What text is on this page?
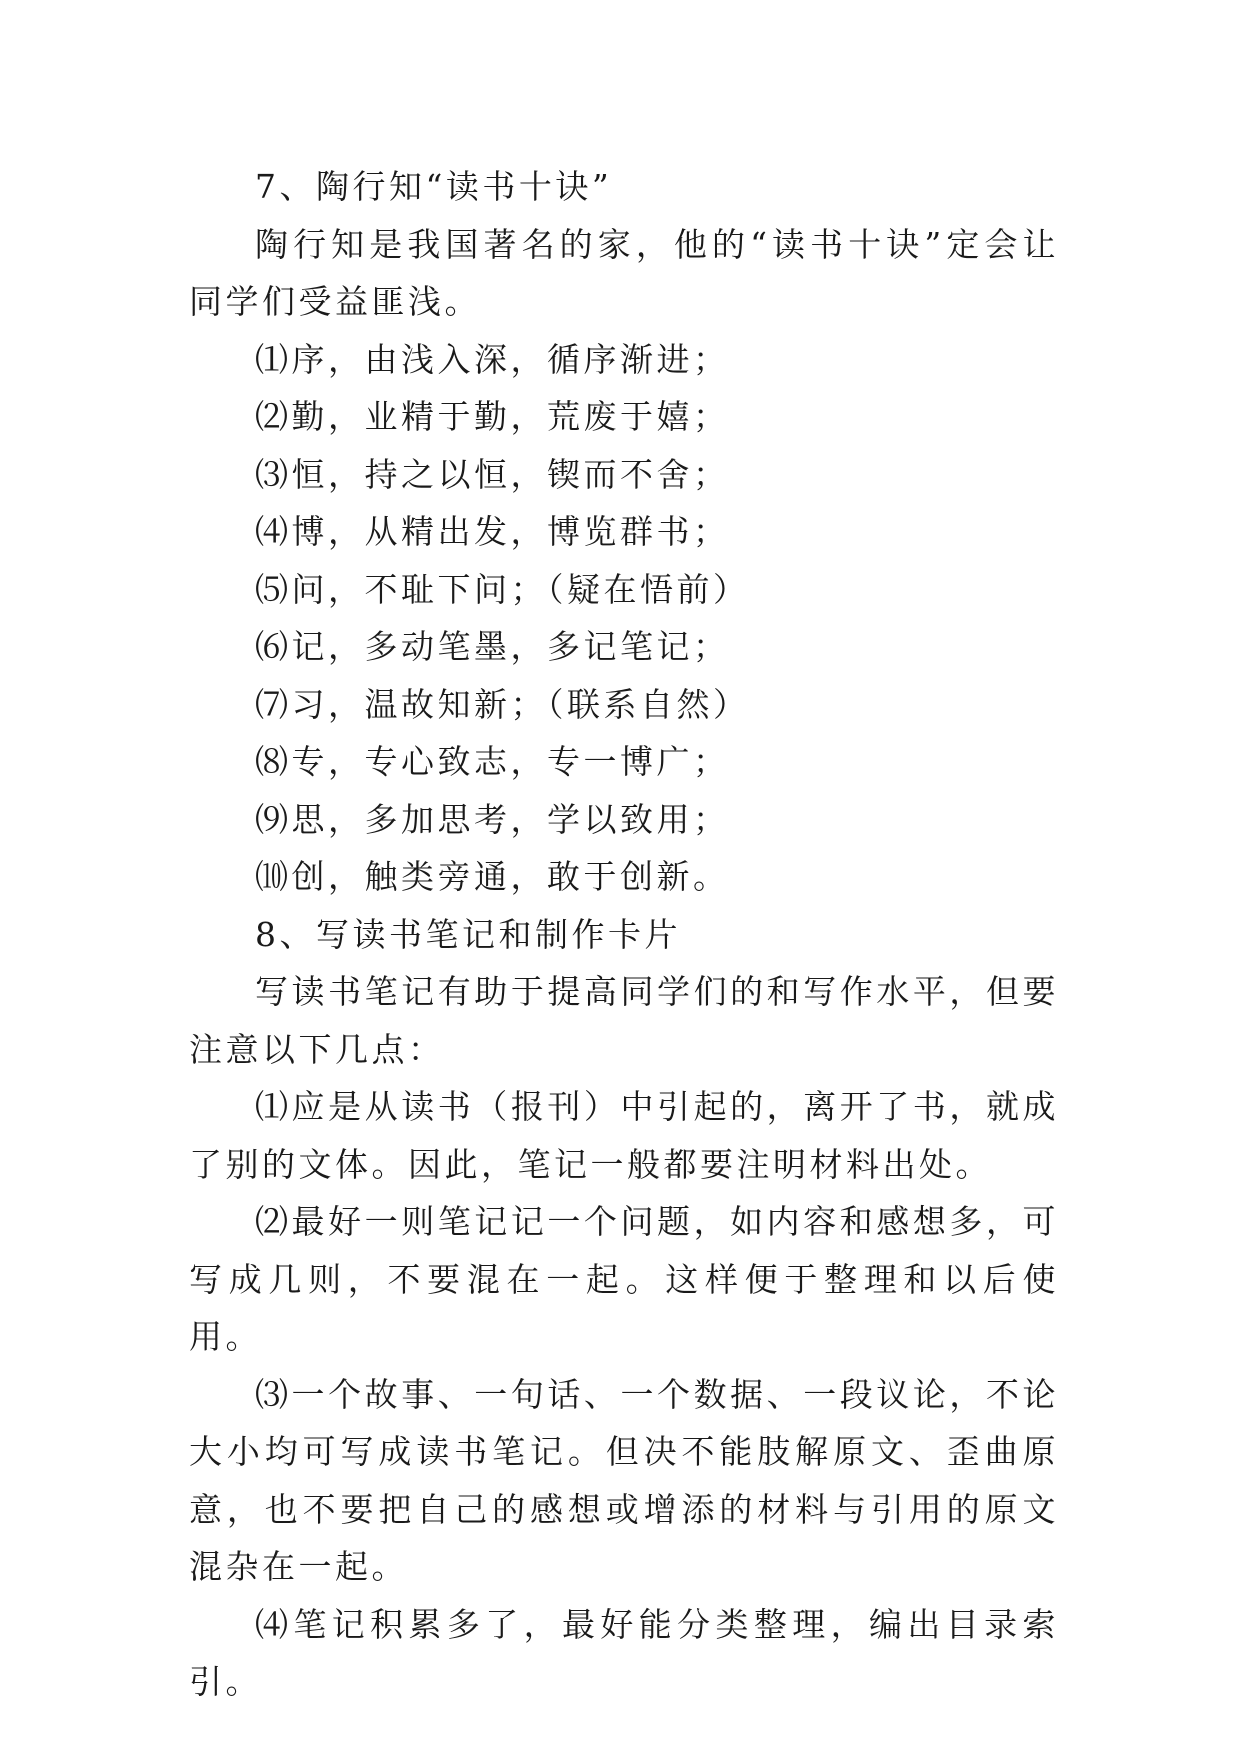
7、陶行知“读书十诀”

陶行知是我国著名的家，他的“读书十诀”定会让同学们受益匪浅。

⑴序，由浅入深，循序渐进；

⑵勤，业精于勤，荒废于嬉；

⑶恒，持之以恒，锲而不舍；

⑷博，从精出发，博览群书；

⑸问，不耻下问；（疑在悟前）

⑹记，多动笔墨，多记笔记；

⑺习，温故知新；（联系自然）

⑻专，专心致志，专一博广；

⑼思，多加思考，学以致用；

⑽创，触类旁通，敢于创新。

8、写读书笔记和制作卡片

写读书笔记有助于提高同学们的和写作水平，但要注意以下几点：

⑴应是从读书（报刊）中引起的，离开了书，就成了别的文体。因此，笔记一般都要注明材料出处。

⑵最好一则笔记记一个问题，如内容和感想多，可写成几则，不要混在一起。这样便于整理和以后使用。

⑶一个故事、一句话、一个数据、一段议论，不论大小均可写成读书笔记。但决不能肢解原文、歪曲原意，也不要把自己的感想或增添的材料与引用的原文混杂在一起。

⑷笔记积累多了，最好能分类整理，编出目录索引。
